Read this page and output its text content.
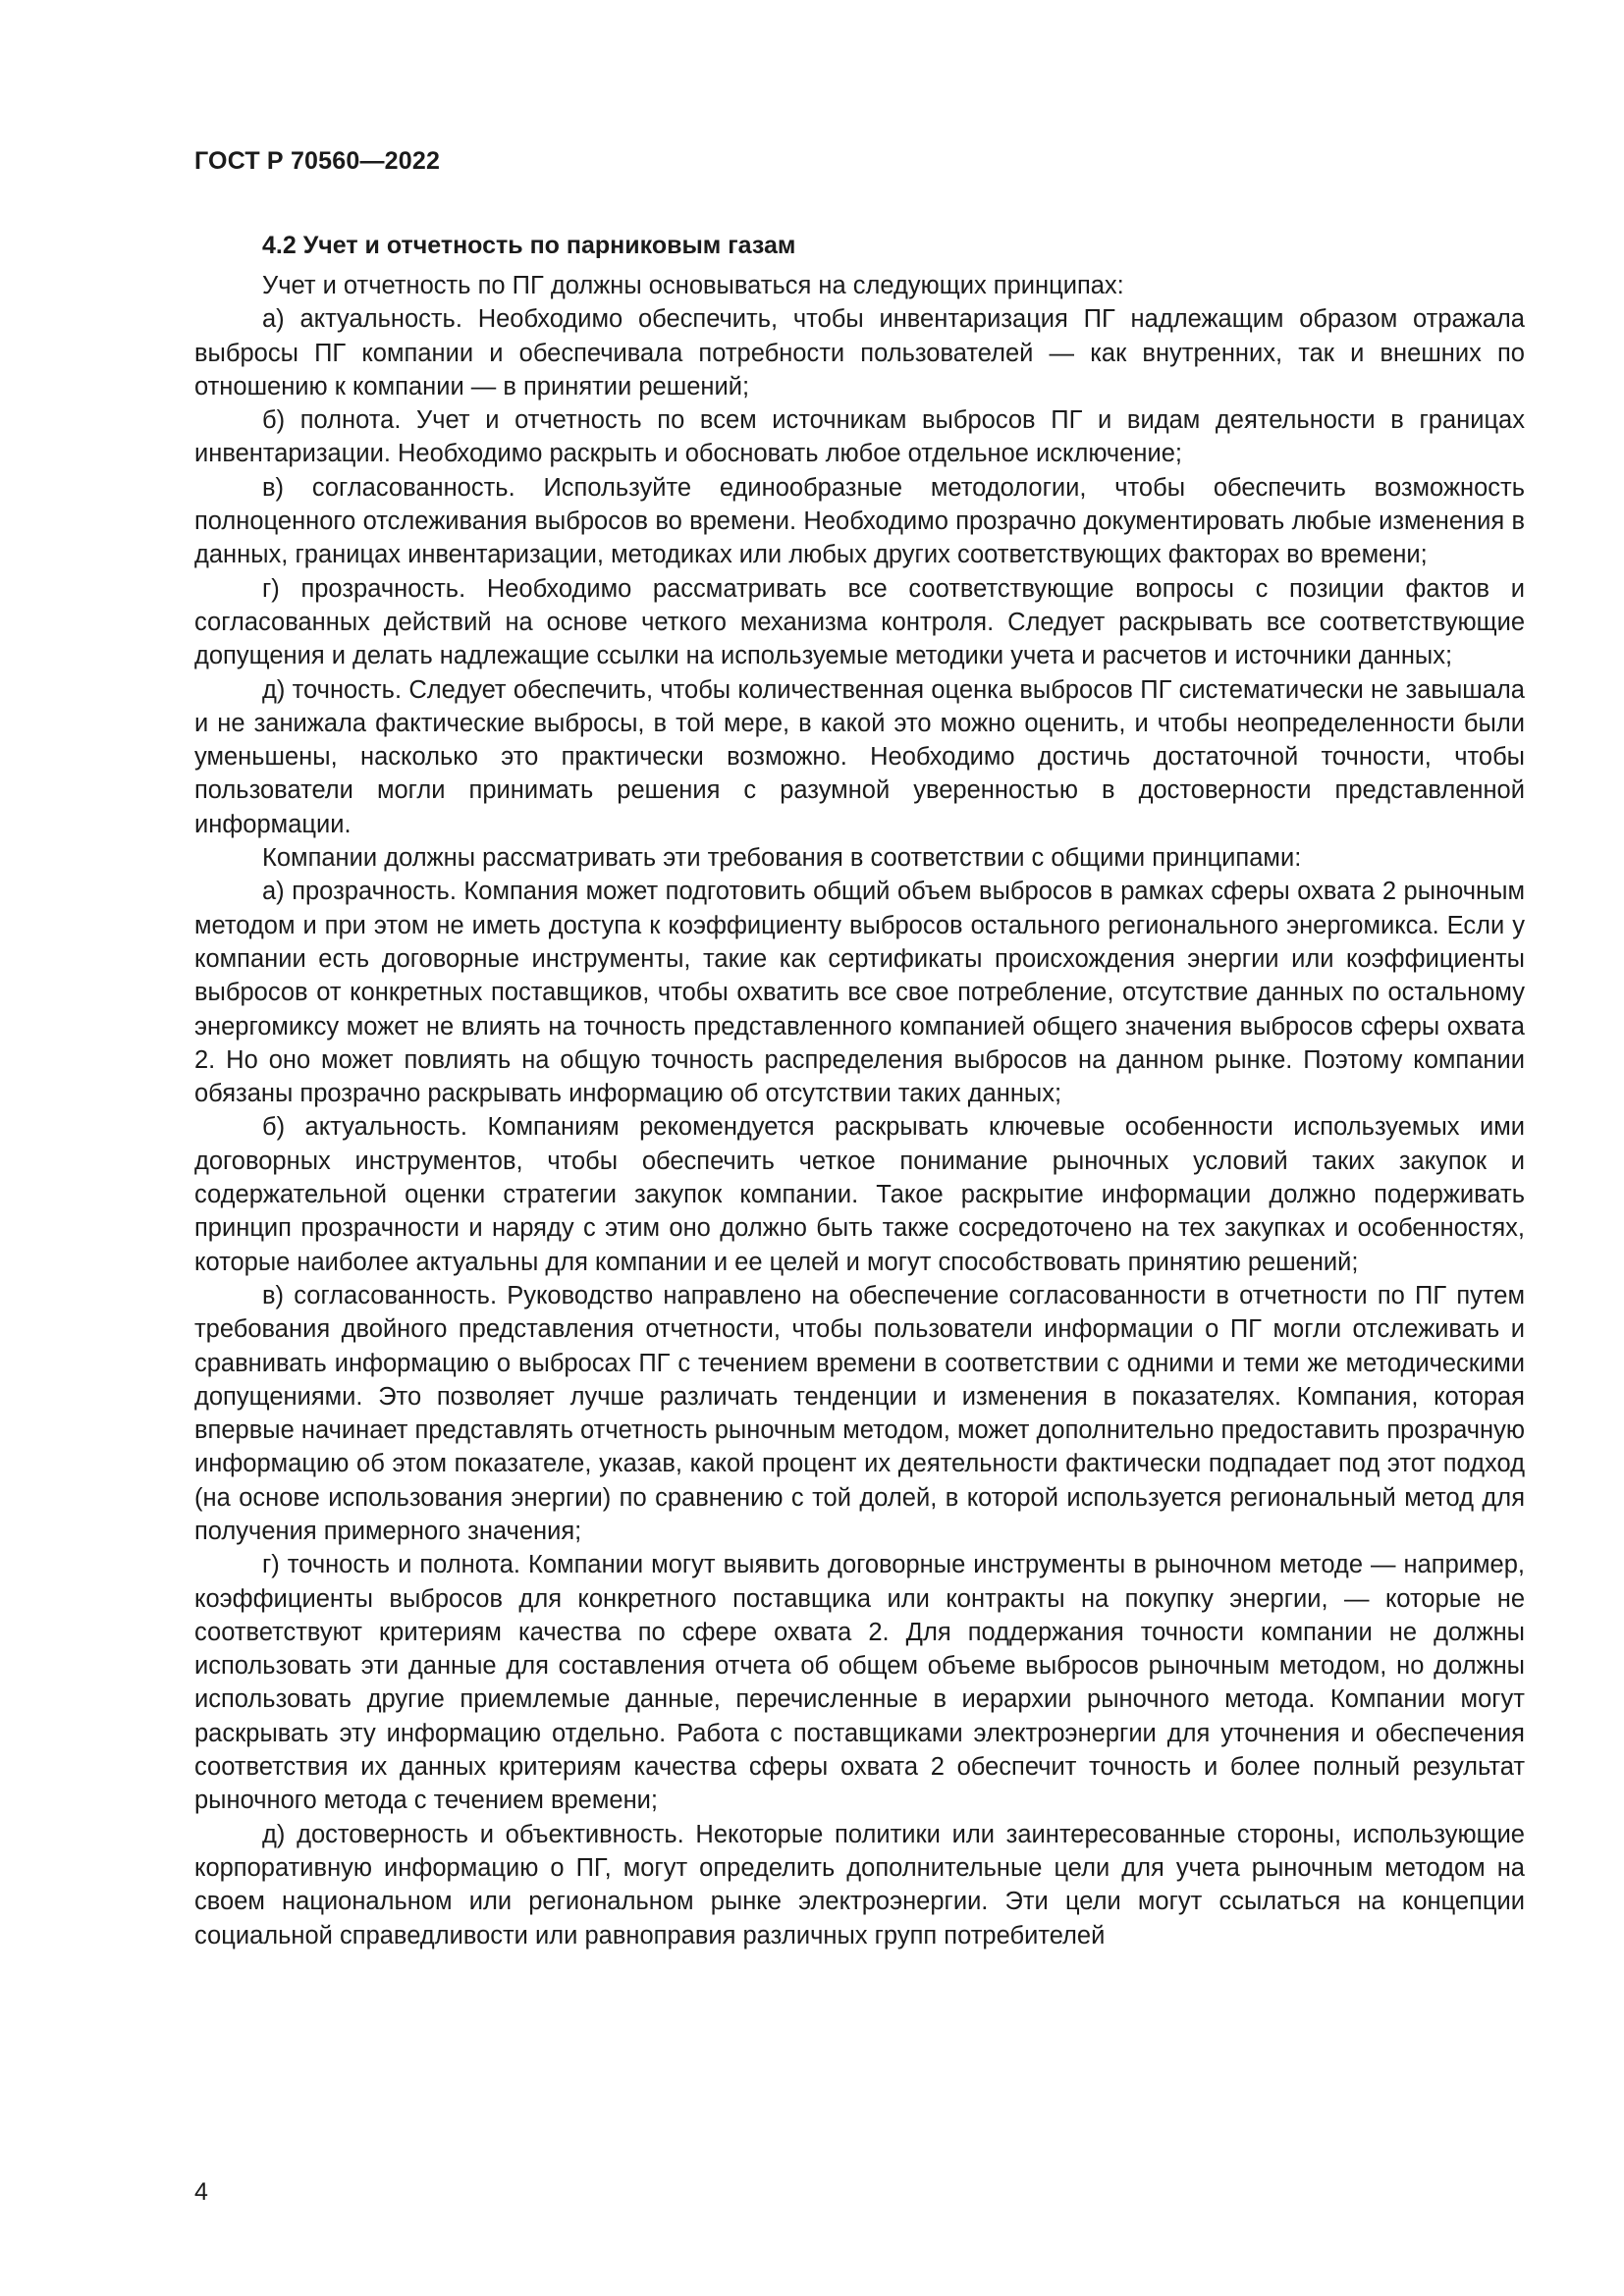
ГОСТ Р 70560—2022
4.2 Учет и отчетность по парниковым газам

Учет и отчетность по ПГ должны основываться на следующих принципах:

а) актуальность. Необходимо обеспечить, чтобы инвентаризация ПГ надлежащим образом отражала выбросы ПГ компании и обеспечивала потребности пользователей — как внутренних, так и внешних по отношению к компании — в принятии решений;

б) полнота. Учет и отчетность по всем источникам выбросов ПГ и видам деятельности в границах инвентаризации. Необходимо раскрыть и обосновать любое отдельное исключение;

в) согласованность. Используйте единообразные методологии, чтобы обеспечить возможность полноценного отслеживания выбросов во времени. Необходимо прозрачно документировать любые изменения в данных, границах инвентаризации, методиках или любых других соответствующих факторах во времени;

г) прозрачность. Необходимо рассматривать все соответствующие вопросы с позиции фактов и согласованных действий на основе четкого механизма контроля. Следует раскрывать все соответствующие допущения и делать надлежащие ссылки на используемые методики учета и расчетов и источники данных;

д) точность. Следует обеспечить, чтобы количественная оценка выбросов ПГ систематически не завышала и не занижала фактические выбросы, в той мере, в какой это можно оценить, и чтобы неопределенности были уменьшены, насколько это практически возможно. Необходимо достичь достаточной точности, чтобы пользователи могли принимать решения с разумной уверенностью в достоверности представленной информации.

Компании должны рассматривать эти требования в соответствии с общими принципами:

а) прозрачность. Компания может подготовить общий объем выбросов в рамках сферы охвата 2 рыночным методом и при этом не иметь доступа к коэффициенту выбросов остального регионального энергомикса. Если у компании есть договорные инструменты, такие как сертификаты происхождения энергии или коэффициенты выбросов от конкретных поставщиков, чтобы охватить все свое потребление, отсутствие данных по остальному энергомиксу может не влиять на точность представленного компанией общего значения выбросов сферы охвата 2. Но оно может повлиять на общую точность распределения выбросов на данном рынке. Поэтому компании обязаны прозрачно раскрывать информацию об отсутствии таких данных;

б) актуальность. Компаниям рекомендуется раскрывать ключевые особенности используемых ими договорных инструментов, чтобы обеспечить четкое понимание рыночных условий таких закупок и содержательной оценки стратегии закупок компании. Такое раскрытие информации должно подерживать принцип прозрачности и наряду с этим оно должно быть также сосредоточено на тех закупках и особенностях, которые наиболее актуальны для компании и ее целей и могут способствовать принятию решений;

в) согласованность. Руководство направлено на обеспечение согласованности в отчетности по ПГ путем требования двойного представления отчетности, чтобы пользователи информации о ПГ могли отслеживать и сравнивать информацию о выбросах ПГ с течением времени в соответствии с одними и теми же методическими допущениями. Это позволяет лучше различать тенденции и изменения в показателях. Компания, которая впервые начинает представлять отчетность рыночным методом, может дополнительно предоставить прозрачную информацию об этом показателе, указав, какой процент их деятельности фактически подпадает под этот подход (на основе использования энергии) по сравнению с той долей, в которой используется региональный метод для получения примерного значения;

г) точность и полнота. Компании могут выявить договорные инструменты в рыночном методе — например, коэффициенты выбросов для конкретного поставщика или контракты на покупку энергии, — которые не соответствуют критериям качества по сфере охвата 2. Для поддержания точности компании не должны использовать эти данные для составления отчета об общем объеме выбросов рыночным методом, но должны использовать другие приемлемые данные, перечисленные в иерархии рыночного метода. Компании могут раскрывать эту информацию отдельно. Работа с поставщиками электроэнергии для уточнения и обеспечения соответствия их данных критериям качества сферы охвата 2 обеспечит точность и более полный результат рыночного метода с течением времени;

д) достоверность и объективность. Некоторые политики или заинтересованные стороны, использующие корпоративную информацию о ПГ, могут определить дополнительные цели для учета рыночным методом на своем национальном или региональном рынке электроэнергии. Эти цели могут ссылаться на концепции социальной справедливости или равноправия различных групп потребителей

4
